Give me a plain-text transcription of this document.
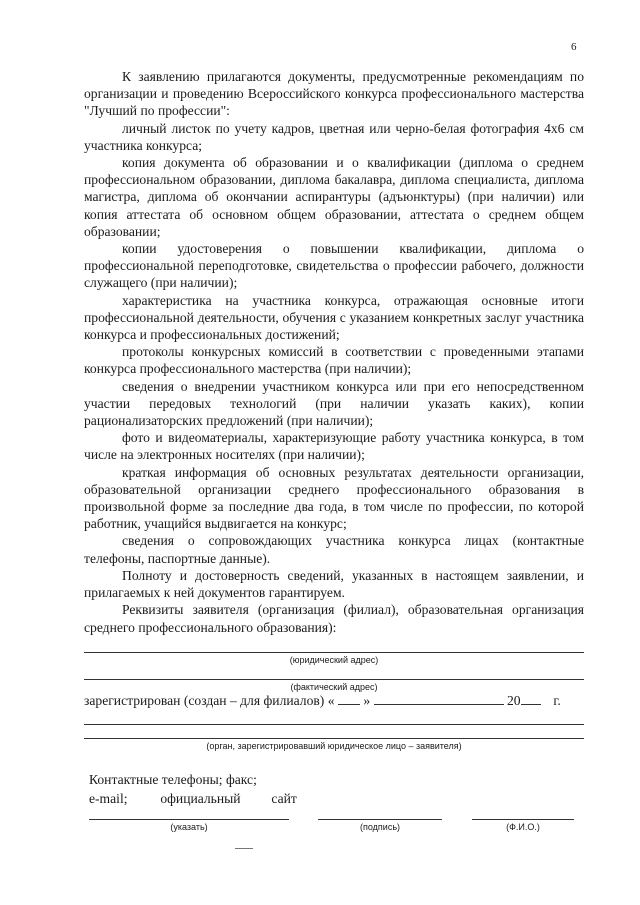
6

К заявлению прилагаются документы, предусмотренные рекомендациям по организации и проведению Всероссийского конкурса профессионального мастерства "Лучший по профессии":

личный листок по учету кадров, цветная или черно-белая фотография 4x6 см участника конкурса;

копия документа об образовании и о квалификации (диплома о среднем профессиональном образовании, диплома бакалавра, диплома специалиста, диплома магистра, диплома об окончании аспирантуры (адъюнктуры) (при наличии) или копия аттестата об основном общем образовании, аттестата о среднем общем образовании;

копии удостоверения о повышении квалификации, диплома о профессиональной переподготовке, свидетельства о профессии рабочего, должности служащего (при наличии);

характеристика на участника конкурса, отражающая основные итоги профессиональной деятельности, обучения с указанием конкретных заслуг участника конкурса и профессиональных достижений;

протоколы конкурсных комиссий в соответствии с проведенными этапами конкурса профессионального мастерства (при наличии);

сведения о внедрении участником конкурса или при его непосредственном участии передовых технологий (при наличии указать каких), копии рационализаторских предложений (при наличии);

фото и видеоматериалы, характеризующие работу участника конкурса, в том числе на электронных носителях (при наличии);

краткая информация об основных результатах деятельности организации, образовательной организации среднего профессионального образования в произвольной форме за последние два года, в том числе по профессии, по которой работник, учащийся выдвигается на конкурс;

сведения о сопровождающих участника конкурса лицах (контактные телефоны, паспортные данные).

Полноту и достоверность сведений, указанных в настоящем заявлении, и прилагаемых к ней документов гарантируем.

Реквизиты заявителя (организация (филиал), образовательная организация среднего профессионального образования):

(юридический адрес)
(фактический адрес)
зарегистрирован (создан – для филиалов) « »	20 г.
(орган, зарегистрировавший юридическое лицо – заявителя)
Контактные телефоны; факс;
e-mail; официальный сайт
(указать)	(подпись)	(Ф.И.О.)
